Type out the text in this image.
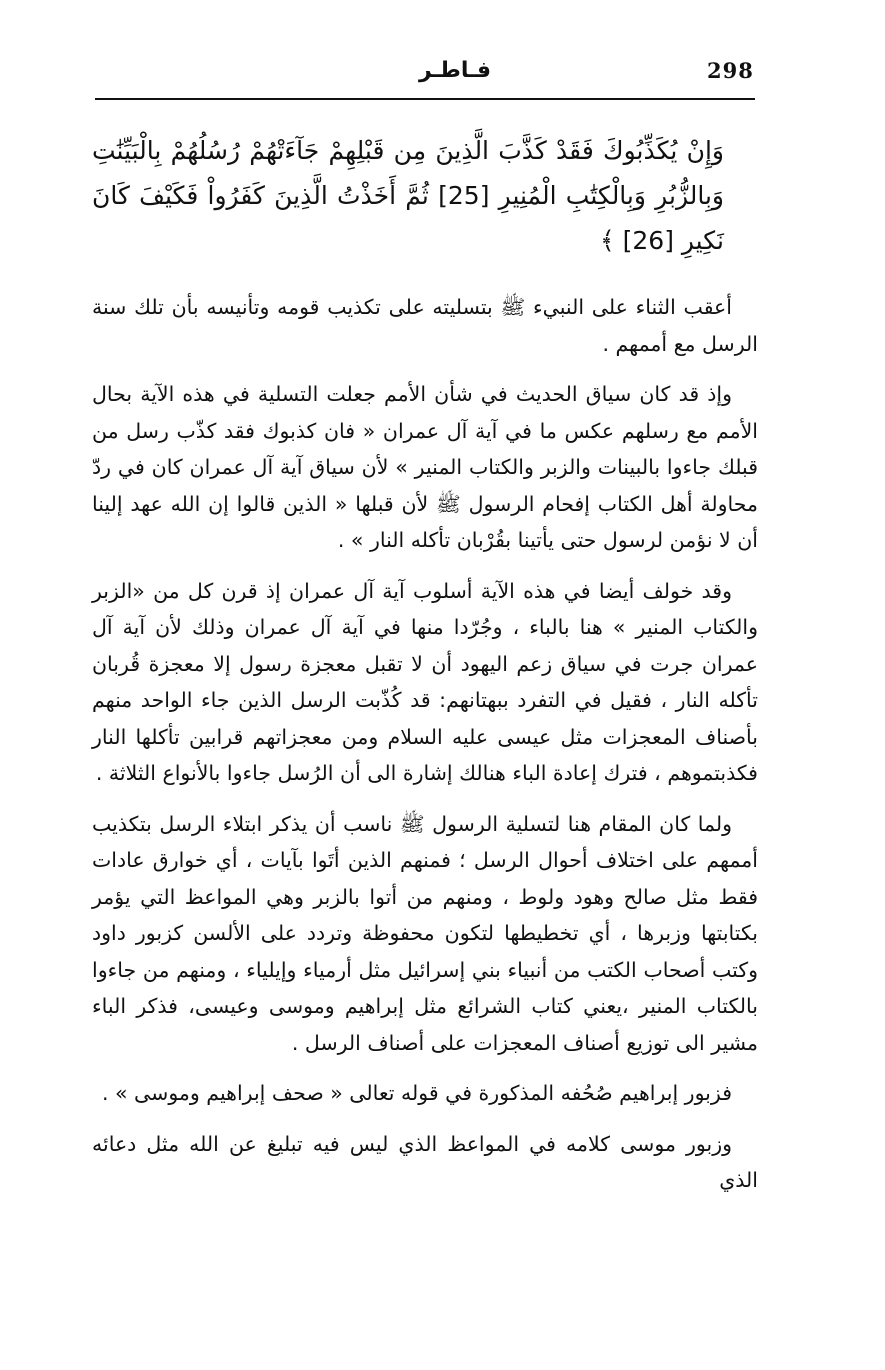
298
فـاطـر

وَإِنْ يُكَذِّبُوكَ فَقَدْ كَذَّبَ الَّذِينَ مِن قَبْلِهِمْ جَآءَتْهُمْ رُسُلُهُمْ بِالْبَيِّنَٰتِ وَبِالزُّبُرِ وَبِالْكِتَٰبِ الْمُنِيرِ [25] ثُمَّ أَخَذْتُ الَّذِينَ كَفَرُواْ فَكَيْفَ كَانَ نَكِيرِ [26] ﴾

أعقب الثناء على النبيء ﷺ بتسليته على تكذيب قومه وتأنيسه بأن تلك سنة الرسل مع أممهم .

وإذ قد كان سياق الحديث في شأن الأمم جعلت التسلية في هذه الآية بحال الأمم مع رسلهم عكس ما في آية آل عمران « فان كذبوك فقد كذّب رسل من قبلك جاءوا بالبينات والزبر والكتاب المنير » لأن سياق آية آل عمران كان في ردّ محاولة أهل الكتاب إفحام الرسول ﷺ لأن قبلها « الذين قالوا إن الله عهد إلينا أن لا نؤمن لرسول حتى يأتينا بقُرْبان تأكله النار » .

وقد خولف أيضا في هذه الآية أسلوب آية آل عمران إذ قرن كل من «الزبر والكتاب المنير » هنا بالباء ، وجُرّدا منها في آية آل عمران وذلك لأن آية آل عمران جرت في سياق زعم اليهود أن لا تقبل معجزة رسول إلا معجزة قُربان تأكله النار ، فقيل في التفرد ببهتانهم: قد كُذّبت الرسل الذين جاء الواحد منهم بأصناف المعجزات مثل عيسى عليه السلام ومن معجزاتهم قرابين تأكلها النار فكذبتموهم ، فترك إعادة الباء هنالك إشارة الى أن الرُسل جاءوا بالأنواع الثلاثة .

ولما كان المقام هنا لتسلية الرسول ﷺ ناسب أن يذكر ابتلاء الرسل بتكذيب أممهم على اختلاف أحوال الرسل ؛ فمنهم الذين أتَوا بآيات ، أي خوارق عادات فقط مثل صالح وهود ولوط ، ومنهم من أتوا بالزبر وهي المواعظ التي يؤمر بكتابتها وزبرها ، أي تخطيطها لتكون محفوظة وتردد على الألسن كزبور داود وكتب أصحاب الكتب من أنبياء بني إسرائيل مثل أرمياء وإيلياء ، ومنهم من جاءوا بالكتاب المنير ،يعني كتاب الشرائع مثل إبراهيم وموسى وعيسى، فذكر الباء مشير الى توزيع أصناف المعجزات على أصناف الرسل .

فزبور إبراهيم صُحُفه المذكورة في قوله تعالى « صحف إبراهيم وموسى » .

وزبور موسى كلامه في المواعظ الذي ليس فيه تبليغ عن الله مثل دعائه الذي
